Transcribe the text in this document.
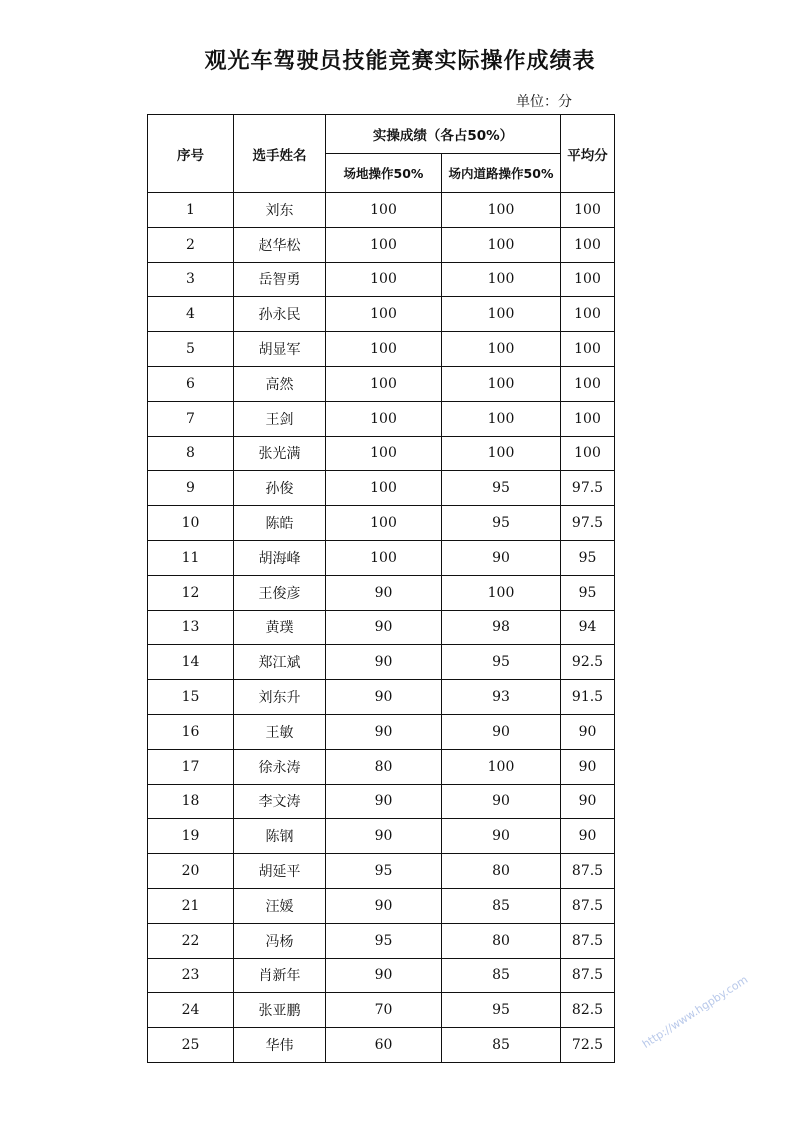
观光车驾驶员技能竞赛实际操作成绩表
单位：分
序号	选手姓名	实操成绩（各占50%）		平均分
		场地操作50%	场内道路操作50%	
1	刘东	100	100	100
2	赵华松	100	100	100
3	岳智勇	100	100	100
4	孙永民	100	100	100
5	胡显军	100	100	100
6	高然	100	100	100
7	王剑	100	100	100
8	张光满	100	100	100
9	孙俊	100	95	97.5
10	陈皓	100	95	97.5
11	胡海峰	100	90	95
12	王俊彦	90	100	95
13	黄璞	90	98	94
14	郑江斌	90	95	92.5
15	刘东升	90	93	91.5
16	王敏	90	90	90
17	徐永涛	80	100	90
18	李文涛	90	90	90
19	陈钢	90	90	90
20	胡延平	95	80	87.5
21	汪媛	90	85	87.5
22	冯杨	95	80	87.5
23	肖新年	90	85	87.5
24	张亚鹏	70	95	82.5
25	华伟	60	85	72.5	http://www.hgpby.com
